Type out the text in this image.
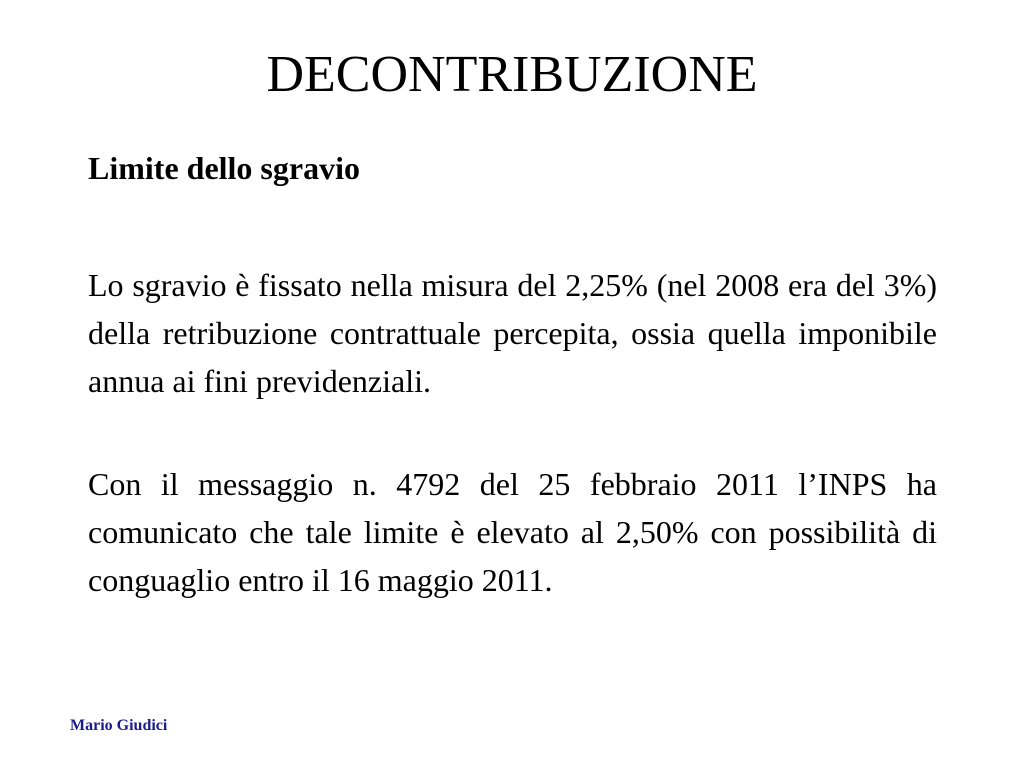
DECONTRIBUZIONE

Limite dello sgravio

Lo sgravio è fissato nella misura del 2,25% (nel 2008 era del 3%) della retribuzione contrattuale percepita, ossia quella imponibile annua ai fini previdenziali.

Con il messaggio n. 4792 del 25 febbraio 2011 l’INPS ha comunicato che tale limite è elevato al 2,50% con possibilità di conguaglio entro il 16 maggio 2011.

Mario Giudici
